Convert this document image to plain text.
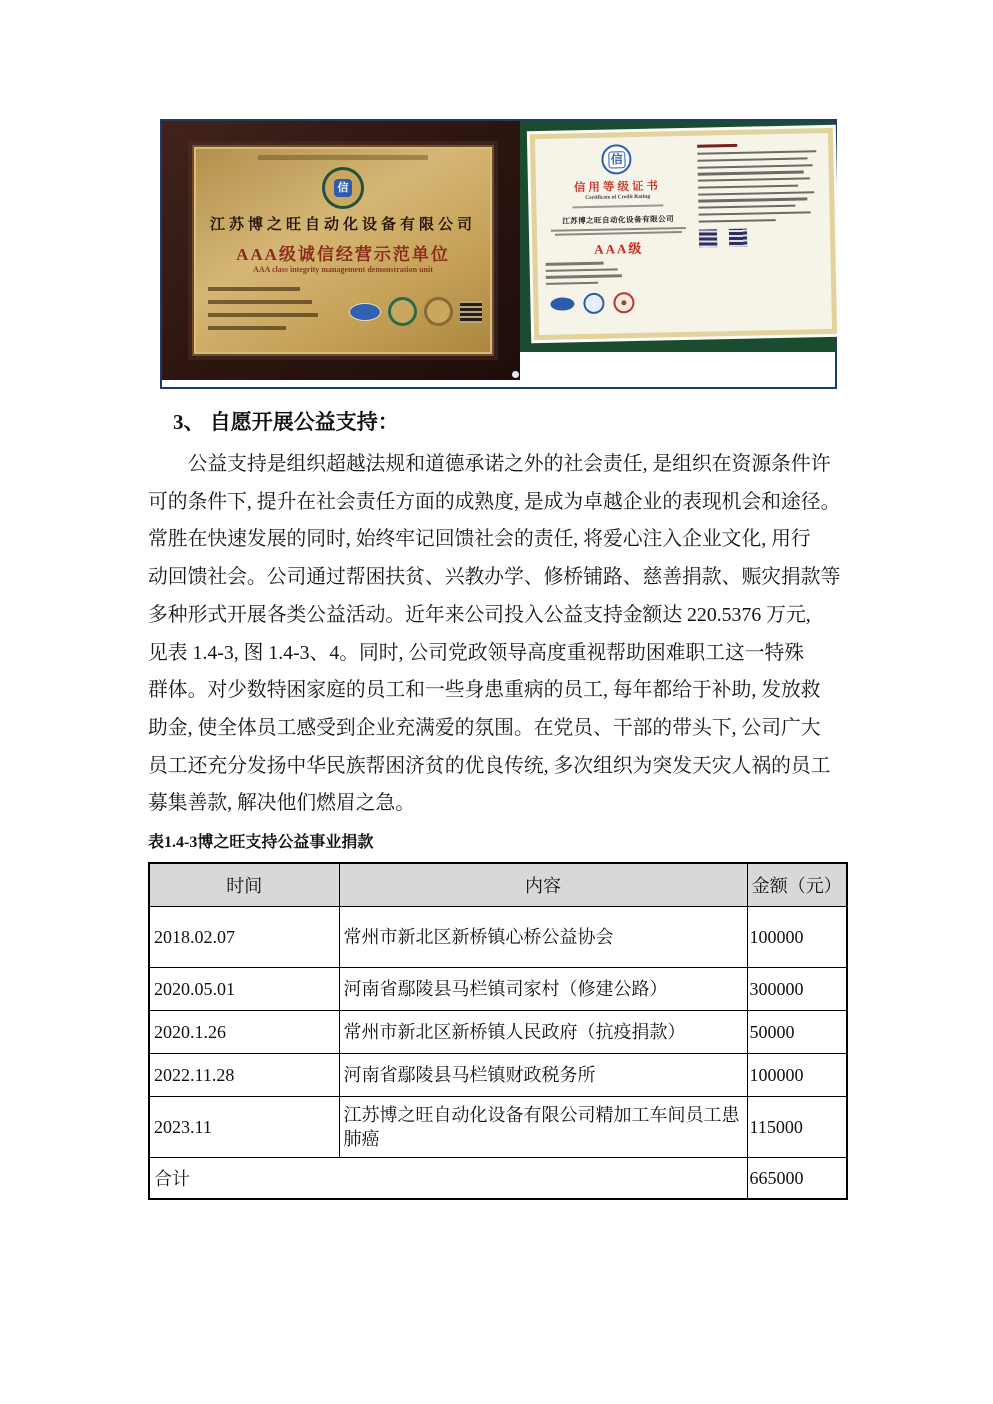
信
江苏博之旺自动化设备有限公司
AAA级诚信经营示范单位
AAA class integrity management demonstration unit
信
信用等级证书
Certificate of Credit Rating
江苏博之旺自动化设备有限公司
AAA级
3、 自愿开展公益支持：
公益支持是组织超越法规和道德承诺之外的社会责任, 是组织在资源条件许
可的条件下, 提升在社会责任方面的成熟度, 是成为卓越企业的表现机会和途径。
常胜在快速发展的同时, 始终牢记回馈社会的责任, 将爱心注入企业文化, 用行
动回馈社会。公司通过帮困扶贫、兴教办学、修桥铺路、慈善捐款、赈灾捐款等
多种形式开展各类公益活动。近年来公司投入公益支持金额达 220.5376 万元,
见表 1.4-3, 图 1.4-3、4。同时, 公司党政领导高度重视帮助困难职工这一特殊
群体。对少数特困家庭的员工和一些身患重病的员工, 每年都给于补助, 发放救
助金, 使全体员工感受到企业充满爱的氛围。在党员、干部的带头下, 公司广大
员工还充分发扬中华民族帮困济贫的优良传统, 多次组织为突发天灾人祸的员工
募集善款, 解决他们燃眉之急。
表1.4-3博之旺支持公益事业捐款
时间	内容	金额（元）
2018.02.07	常州市新北区新桥镇心桥公益协会	100000
2020.05.01	河南省鄢陵县马栏镇司家村（修建公路）	300000
2020.1.26	常州市新北区新桥镇人民政府（抗疫捐款）	50000
2022.11.28	河南省鄢陵县马栏镇财政税务所	100000
2023.11	江苏博之旺自动化设备有限公司精加工车间员工患肺癌	115000
合计		665000
